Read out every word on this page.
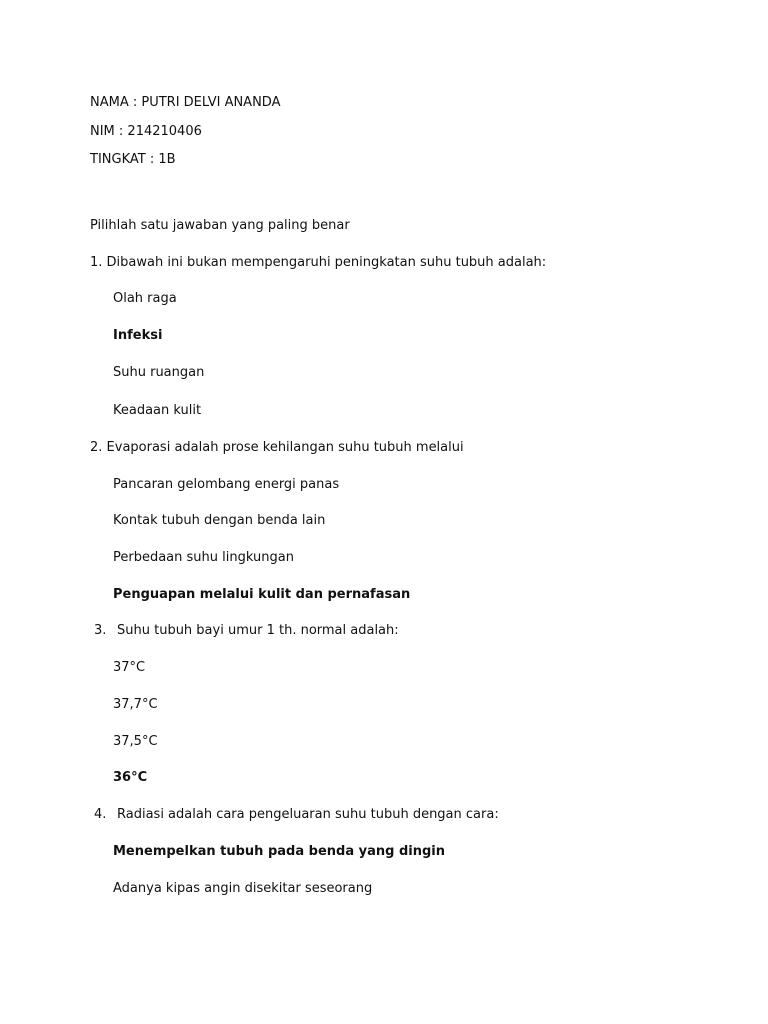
NAMA : PUTRI DELVI ANANDA
NIM : 214210406
TINGKAT : 1B
Pilihlah satu jawaban yang paling benar
1. Dibawah ini bukan mempengaruhi peningkatan suhu tubuh adalah:
Olah raga
Infeksi
Suhu ruangan
Keadaan kulit
2. Evaporasi adalah prose kehilangan suhu tubuh melalui
Pancaran gelombang energi panas
Kontak tubuh dengan benda lain
Perbedaan suhu lingkungan
Penguapan melalui kulit dan pernafasan
3. Suhu tubuh bayi umur 1 th. normal adalah:
37°C
37,7°C
37,5°C
36°C
4. Radiasi adalah cara pengeluaran suhu tubuh dengan cara:
Menempelkan tubuh pada benda yang dingin
Adanya kipas angin disekitar seseorang
